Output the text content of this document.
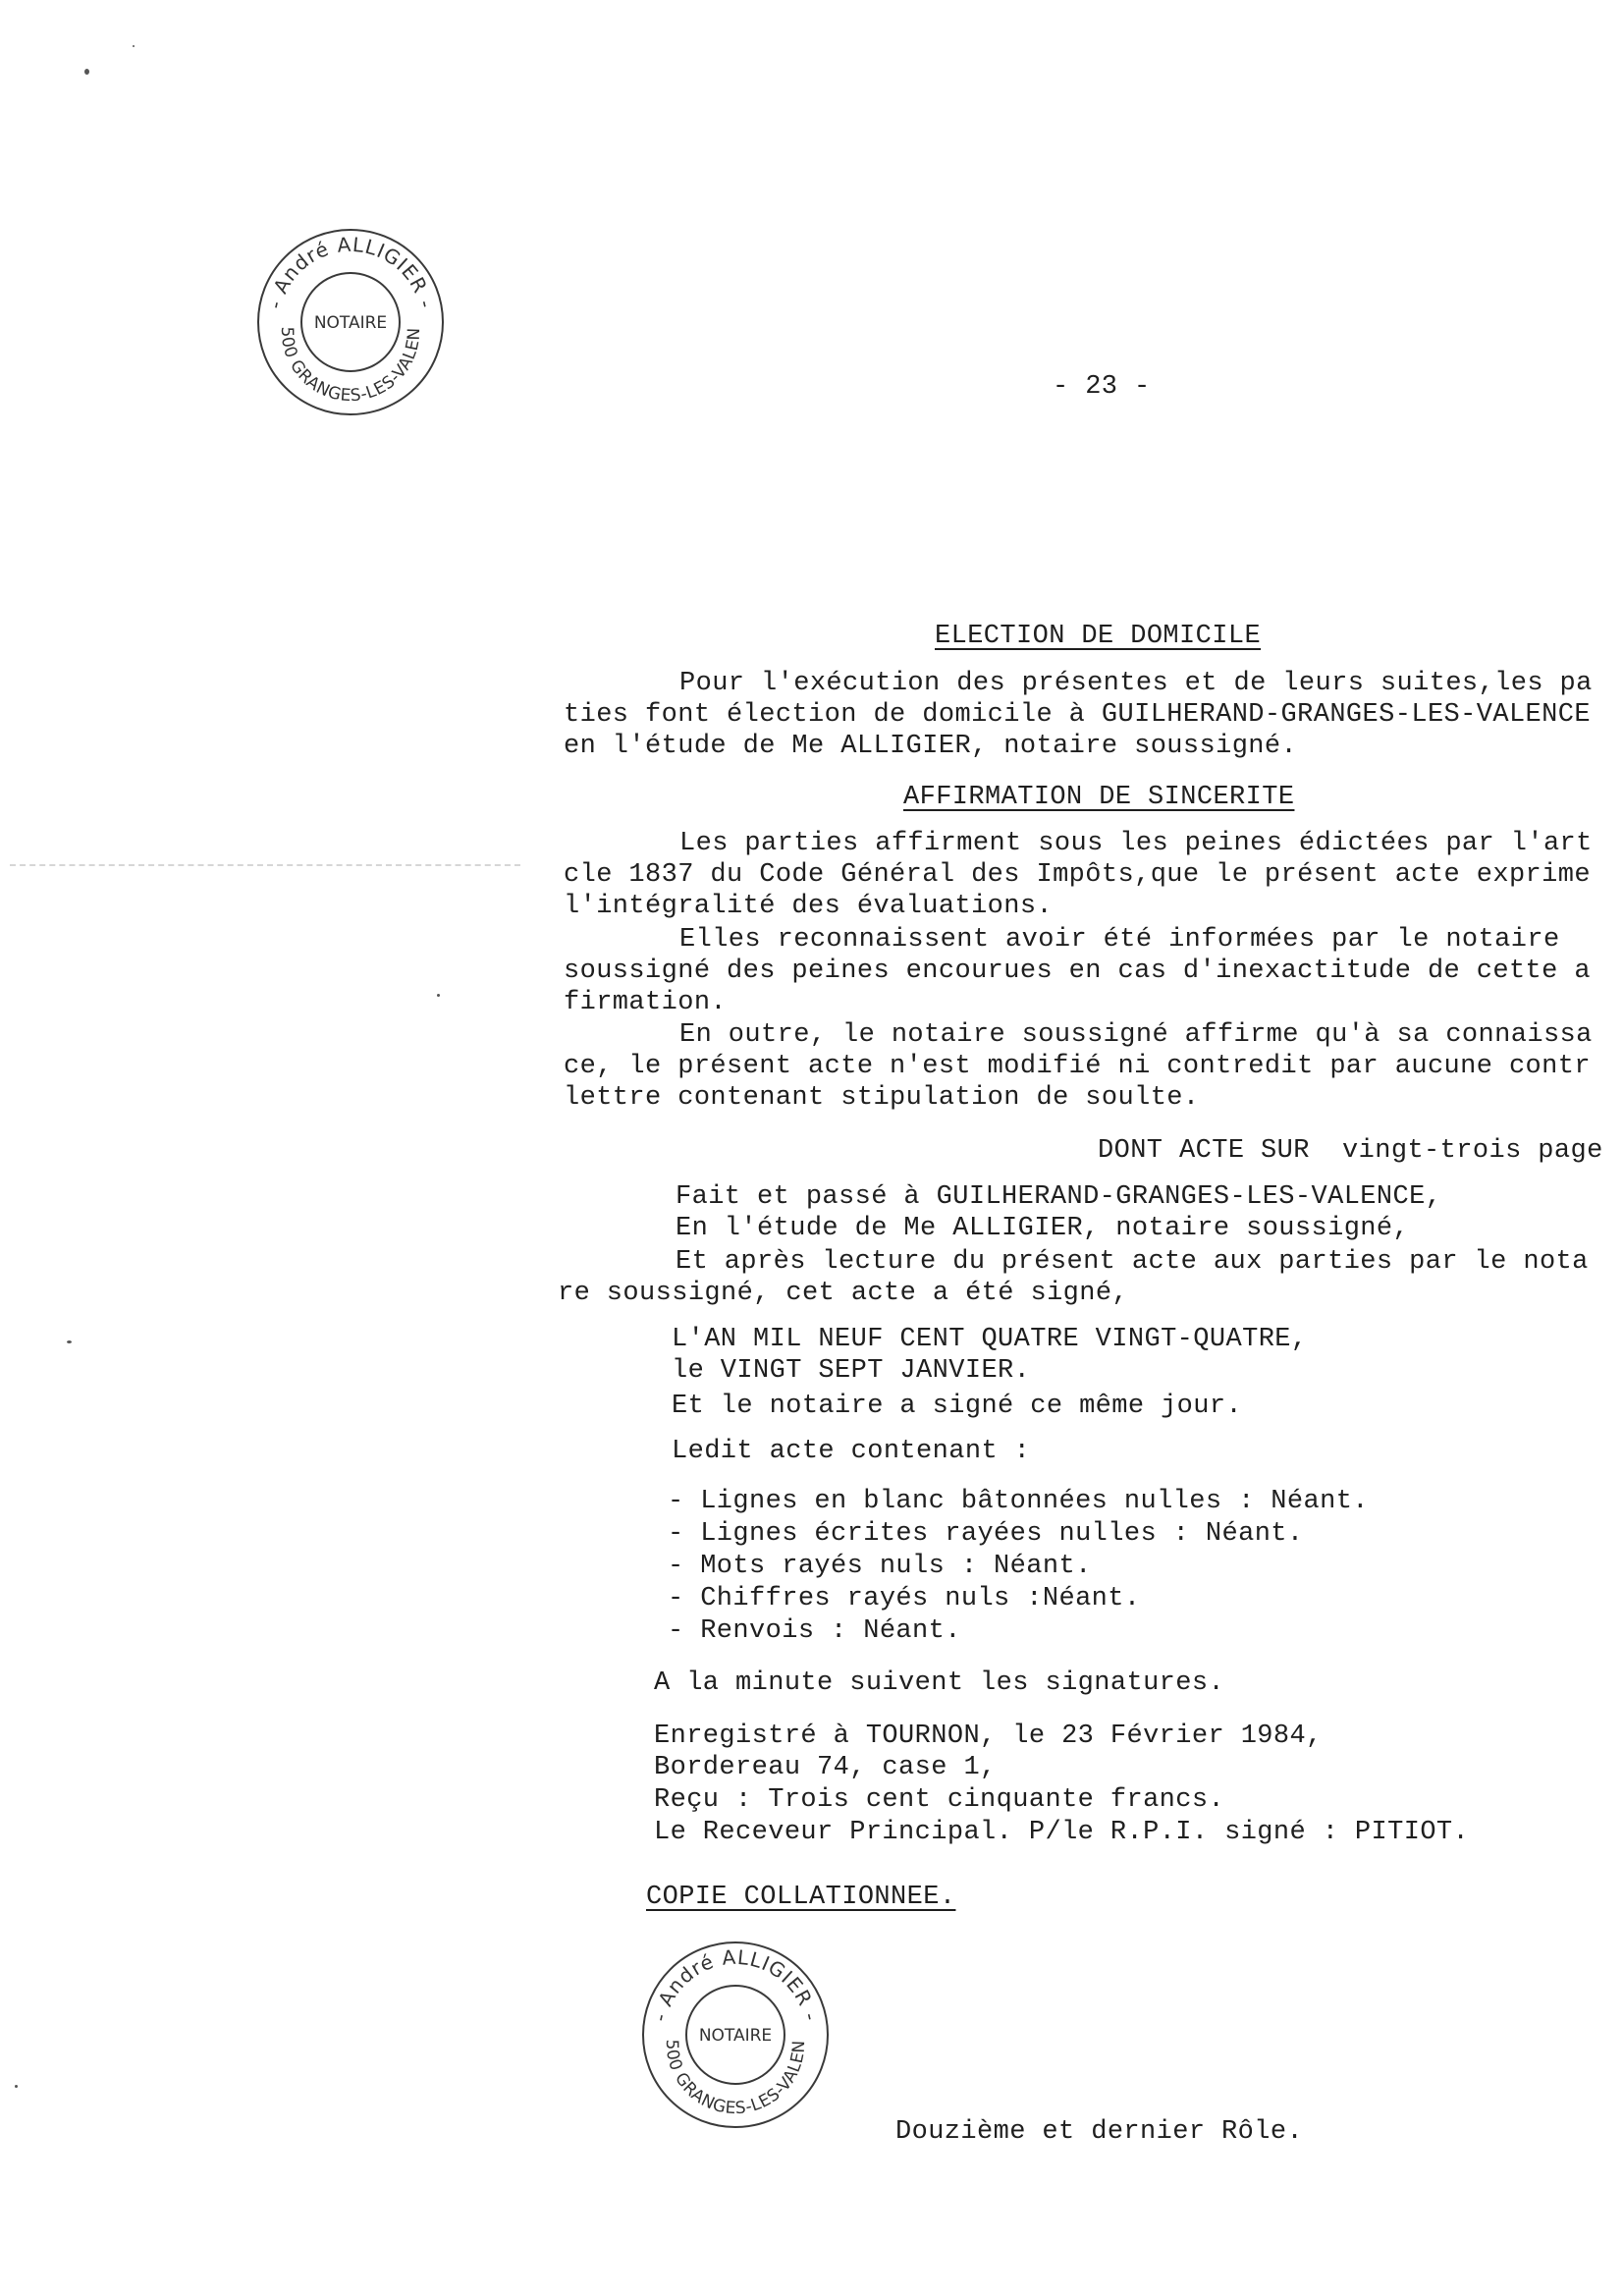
- André ALLIGIER -
500 GRANGES-LES-VALEN
NOTAIRE
- 23 -
ELECTION DE DOMICILE
Pour l'exécution des présentes et de leurs suites,les pa
ties font élection de domicile à GUILHERAND-GRANGES-LES-VALENCE
en l'étude de Me ALLIGIER, notaire soussigné.
AFFIRMATION DE SINCERITE
Les parties affirment sous les peines édictées par l'art
cle 1837 du Code Général des Impôts,que le présent acte exprime
l'intégralité des évaluations.
Elles reconnaissent avoir été informées par le notaire
soussigné des peines encourues en cas d'inexactitude de cette a
firmation.
En outre, le notaire soussigné affirme qu'à sa connaissa
ce, le présent acte n'est modifié ni contredit par aucune contr
lettre contenant stipulation de soulte.
DONT ACTE SUR  vingt-trois page
Fait et passé à GUILHERAND-GRANGES-LES-VALENCE,
En l'étude de Me ALLIGIER, notaire soussigné,
Et après lecture du présent acte aux parties par le nota
re soussigné, cet acte a été signé,
L'AN MIL NEUF CENT QUATRE VINGT-QUATRE,
le VINGT SEPT JANVIER.
Et le notaire a signé ce même jour.
Ledit acte contenant :
- Lignes en blanc bâtonnées nulles : Néant.
- Lignes écrites rayées nulles : Néant.
- Mots rayés nuls : Néant.
- Chiffres rayés nuls :Néant.
- Renvois : Néant.
A la minute suivent les signatures.
Enregistré à TOURNON, le 23 Février 1984,
Bordereau 74, case 1,
Reçu : Trois cent cinquante francs.
Le Receveur Principal. P/le R.P.I. signé : PITIOT.
COPIE COLLATIONNEE.
- André ALLIGIER -
500 GRANGES-LES-VALEN
NOTAIRE
Douzième et dernier Rôle.
